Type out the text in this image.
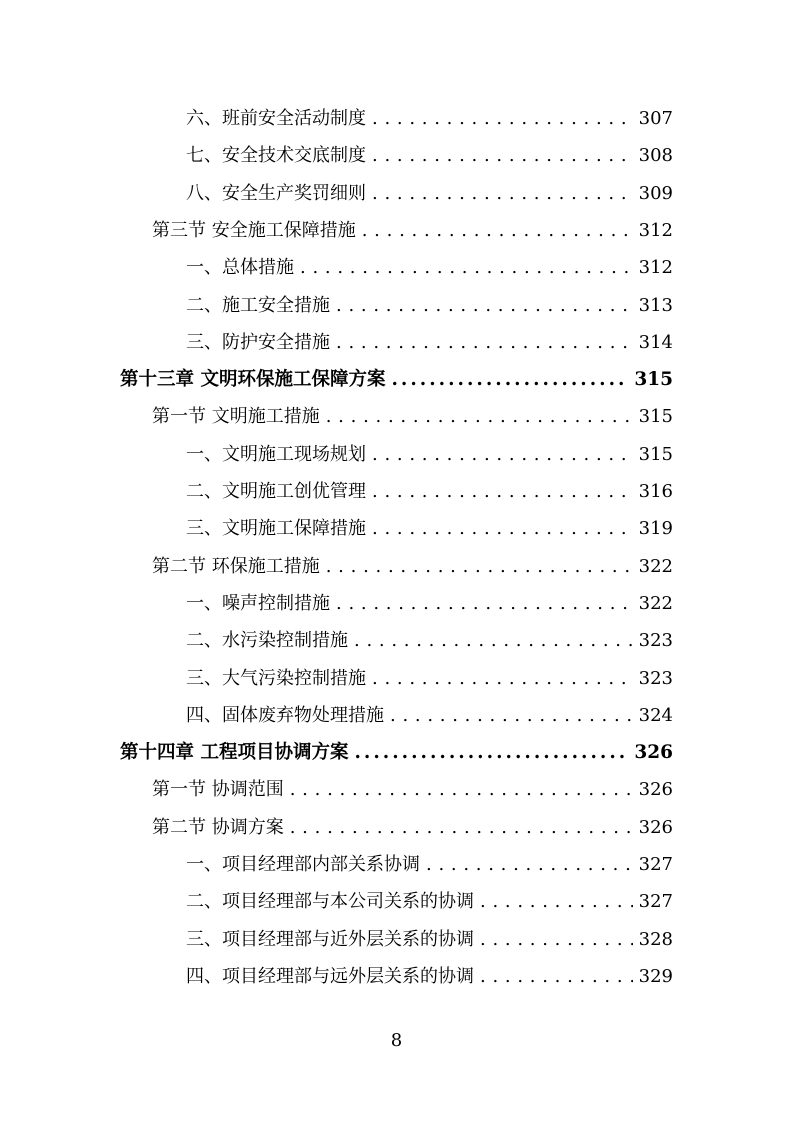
六、班前安全活动制度 . . .	307
七、安全技术交底制度 . . .	308
八、安全生产奖罚细则 . . .	309
第三节 安全施工保障措施 . . .	312
一、总体措施 . . .	312
二、施工安全措施 . . .	313
三、防护安全措施 . . .	314
第十三章 文明环保施工保障方案 .....	315
第一节 文明施工措施 . . .	315
一、文明施工现场规划 . . .	315
二、文明施工创优管理 . . .	316
三、文明施工保障措施 . . .	319
第二节 环保施工措施 . . .	322
一、噪声控制措施 . . .	322
二、水污染控制措施 . . .	323
三、大气污染控制措施 . . .	323
四、固体废弃物处理措施 . . .	324
第十四章 工程项目协调方案 .....	326
第一节 协调范围 . . .	326
第二节 协调方案 . . .	326
一、项目经理部内部关系协调 . . .	327
二、项目经理部与本公司关系的协调 . . .	327
三、项目经理部与近外层关系的协调 . . .	328
四、项目经理部与远外层关系的协调 . . .	329
8
